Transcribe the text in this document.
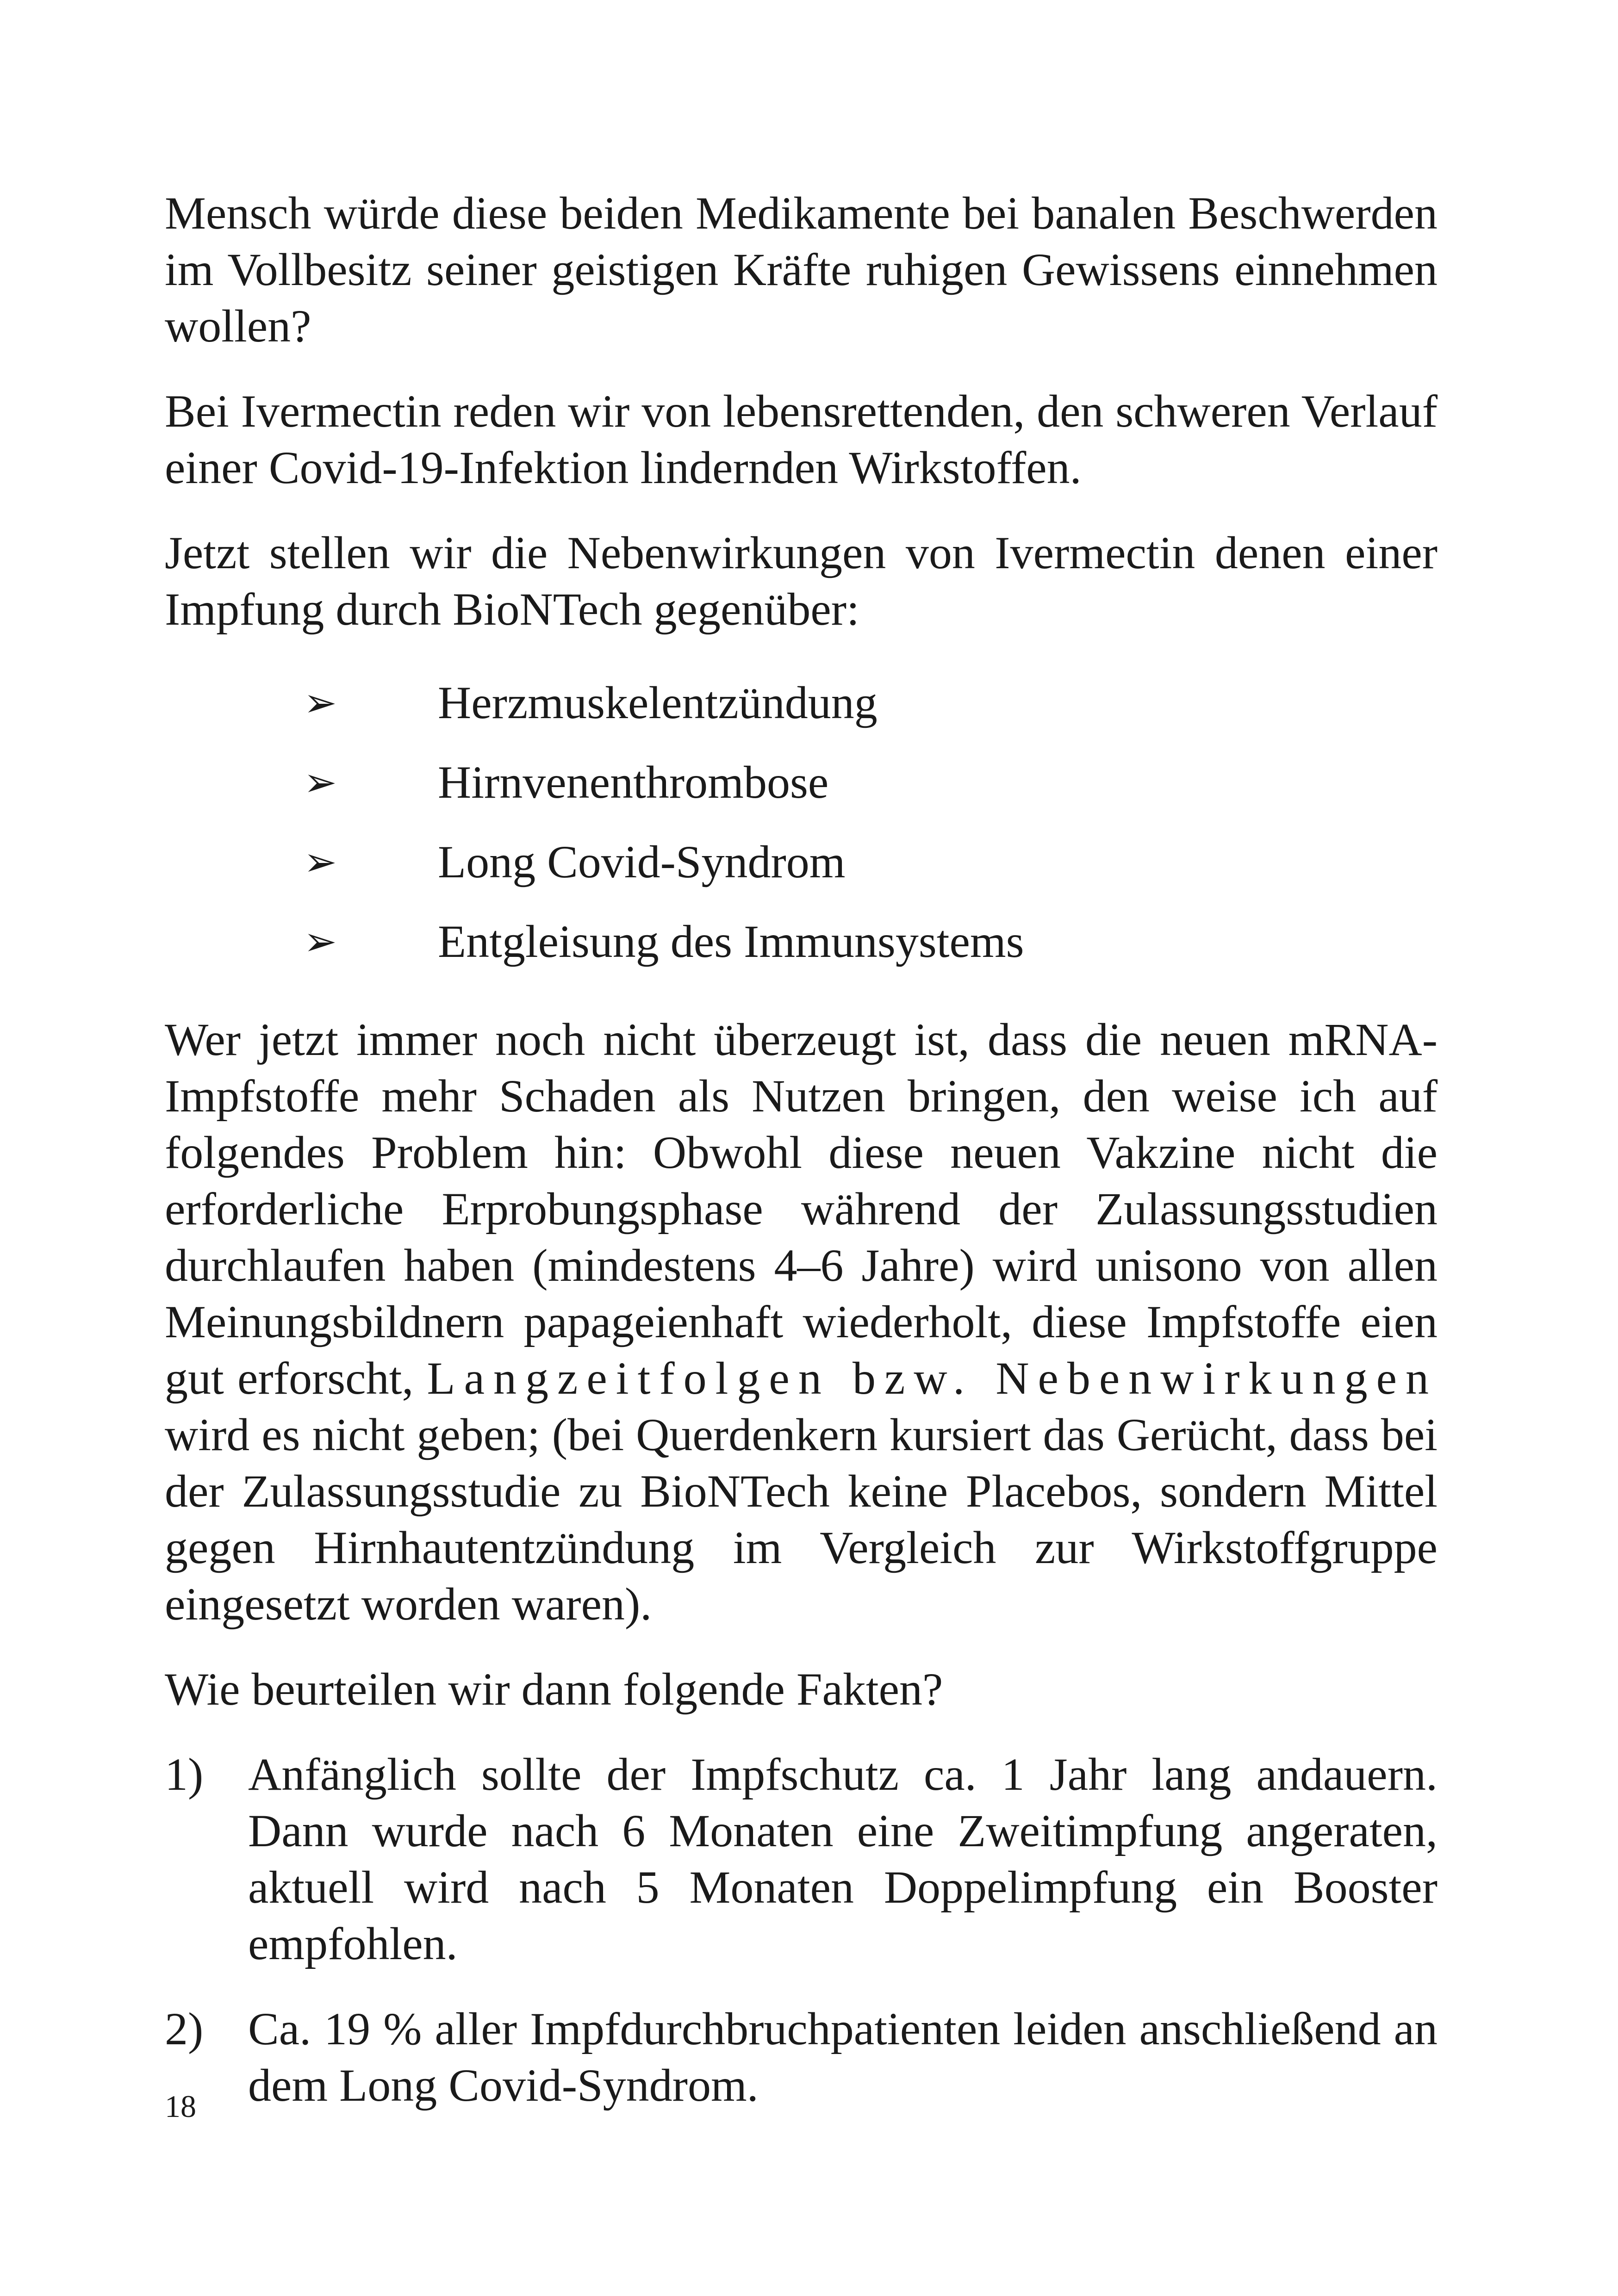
Mensch würde diese beiden Medikamente bei banalen Beschwerden im Vollbesitz seiner geistigen Kräfte ruhigen Gewissens einnehmen wollen?

Bei Ivermectin reden wir von lebensrettenden, den schweren Verlauf einer Covid-19-Infektion lindernden Wirkstoffen.

Jetzt stellen wir die Nebenwirkungen von Ivermectin denen einer Impfung durch BioNTech gegenüber:

➢ Herzmuskelentzündung
➢ Hirnvenenthrombose
➢ Long Covid-Syndrom
➢ Entgleisung des Immunsystems

Wer jetzt immer noch nicht überzeugt ist, dass die neuen mRNA-Impfstoffe mehr Schaden als Nutzen bringen, den weise ich auf folgendes Problem hin: Obwohl diese neuen Vakzine nicht die erforderliche Erprobungsphase während der Zulassungsstudien durchlaufen haben (mindestens 4–6 Jahre) wird unisono von allen Meinungsbildnern papageienhaft wiederholt, diese Impfstoffe eien gut erforscht, Langzeitfolgen bzw. Nebenwirkungen wird es nicht geben; (bei Querdenkern kursiert das Gerücht, dass bei der Zulassungsstudie zu BioNTech keine Placebos, sondern Mittel gegen Hirnhautentzündung im Vergleich zur Wirkstoffgruppe eingesetzt worden waren).

Wie beurteilen wir dann folgende Fakten?

1) Anfänglich sollte der Impfschutz ca. 1 Jahr lang andauern. Dann wurde nach 6 Monaten eine Zweitimpfung angeraten, aktuell wird nach 5 Monaten Doppelimpfung ein Booster empfohlen.
2) Ca. 19 % aller Impfdurchbruchpatienten leiden anschließend an dem Long Covid-Syndrom.
18
